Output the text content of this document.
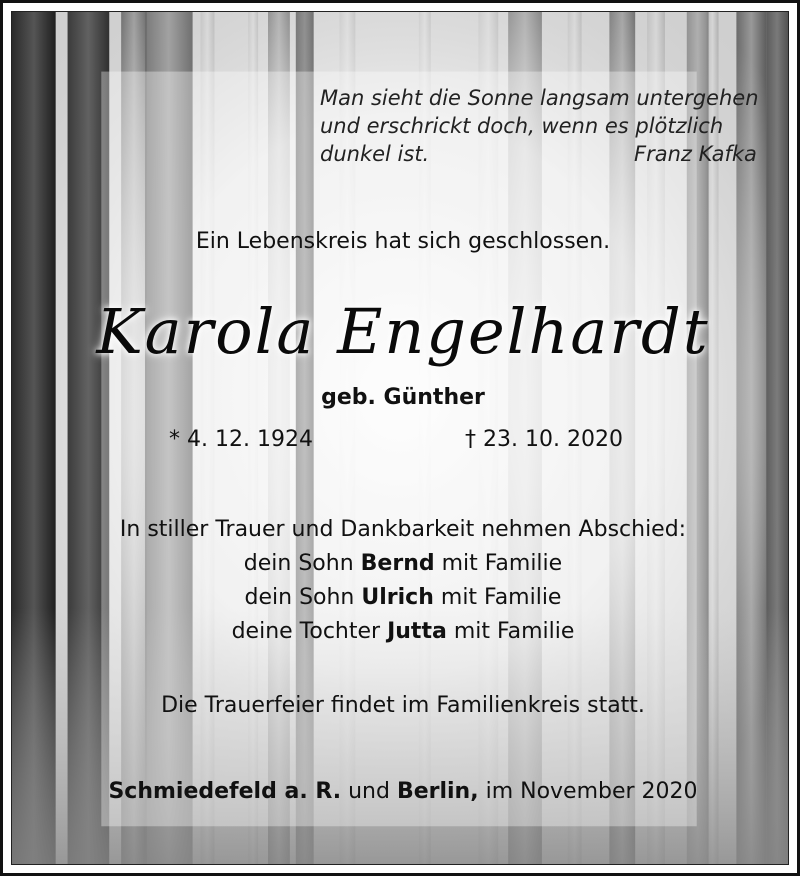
Man sieht die Sonne langsam untergehen
und erschrickt doch, wenn es plötzlich
dunkel ist.	Franz Kafka
Ein Lebenskreis hat sich geschlossen.
Karola Engelhardt
geb. Günther
* 4. 12. 1924	† 23. 10. 2020
In stiller Trauer und Dankbarkeit nehmen Abschied:
dein Sohn Bernd mit Familie
dein Sohn Ulrich mit Familie
deine Tochter Jutta mit Familie
Die Trauerfeier findet im Familienkreis statt.
Schmiedefeld a. R. und Berlin, im November 2020
